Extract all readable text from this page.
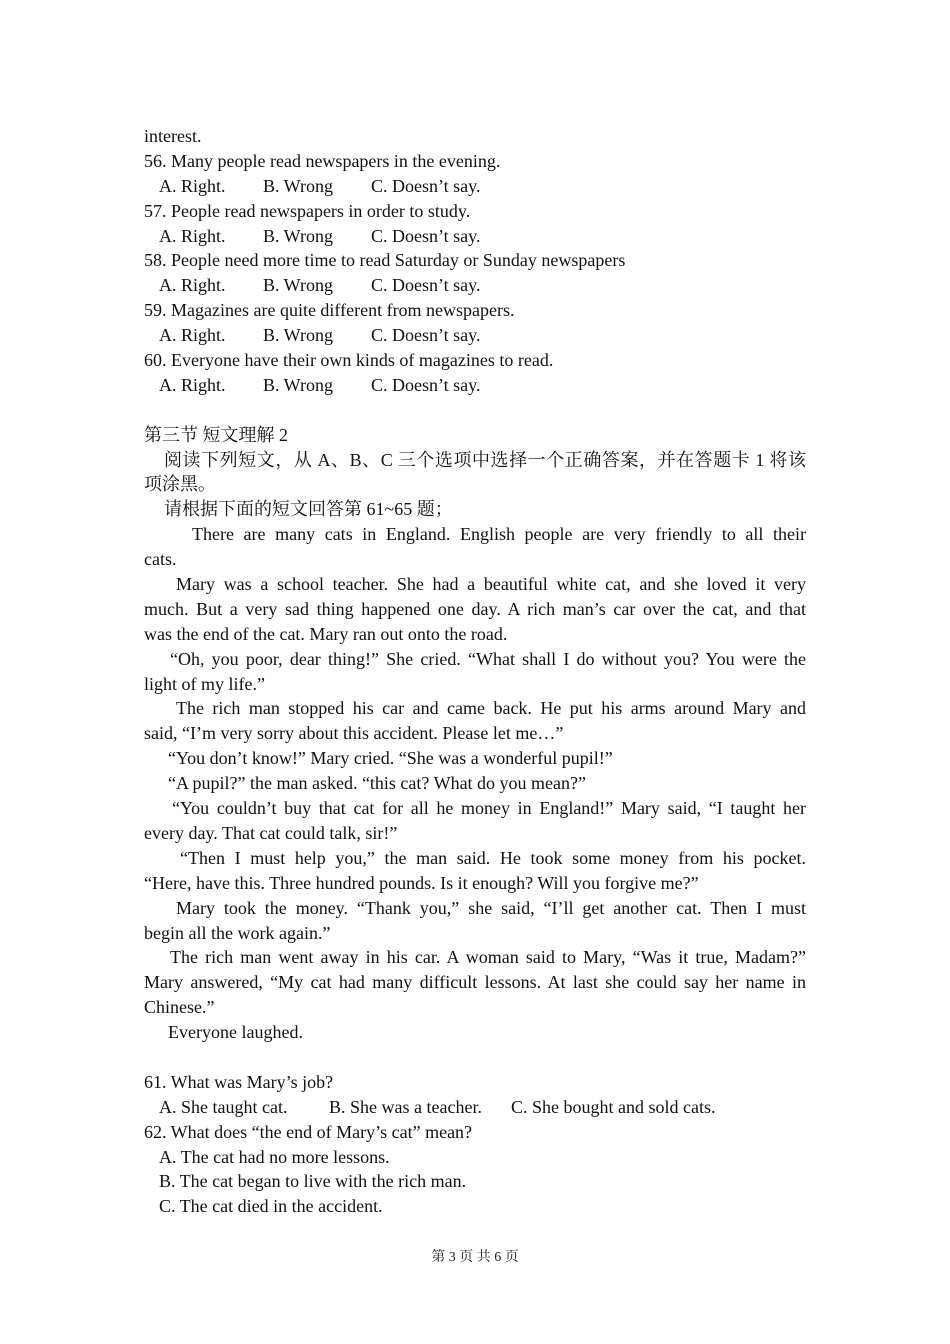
interest.
56. Many people read newspapers in the evening.
A. Right. B. Wrong C. Doesn’t say.
57. People read newspapers in order to study.
A. Right. B. Wrong C. Doesn’t say.
58. People need more time to read Saturday or Sunday newspapers
A. Right. B. Wrong C. Doesn’t say.
59. Magazines are quite different from newspapers.
A. Right. B. Wrong C. Doesn’t say.
60. Everyone have their own kinds of magazines to read.
A. Right. B. Wrong C. Doesn’t say.
第三节 短文理解 2
阅读下列短文，从 A、B、C 三个选项中选择一个正确答案，并在答题卡 1 将该
项涂黑。
请根据下面的短文回答第 61~65 题；
There are many cats in England. English people are very friendly to all their
cats.
Mary was a school teacher. She had a beautiful white cat, and she loved it very
much. But a very sad thing happened one day. A rich man’s car over the cat, and that
was the end of the cat. Mary ran out onto the road.
“Oh, you poor, dear thing!” She cried. “What shall I do without you? You were the
light of my life.”
The rich man stopped his car and came back. He put his arms around Mary and
said, “I’m very sorry about this accident. Please let me…”
“You don’t know!” Mary cried. “She was a wonderful pupil!”
“A pupil?” the man asked. “this cat? What do you mean?”
“You couldn’t buy that cat for all he money in England!” Mary said, “I taught her
every day. That cat could talk, sir!”
“Then I must help you,” the man said. He took some money from his pocket.
“Here, have this. Three hundred pounds. Is it enough? Will you forgive me?”
Mary took the money. “Thank you,” she said, “I’ll get another cat. Then I must
begin all the work again.”
The rich man went away in his car. A woman said to Mary, “Was it true, Madam?”
Mary answered, “My cat had many difficult lessons. At last she could say her name in
Chinese.”
Everyone laughed.
61. What was Mary’s job?
A. She taught cat. B. She was a teacher. C. She bought and sold cats.
62. What does “the end of Mary’s cat” mean?
A. The cat had no more lessons.
B. The cat began to live with the rich man.
C. The cat died in the accident.
第 3 页 共 6 页
